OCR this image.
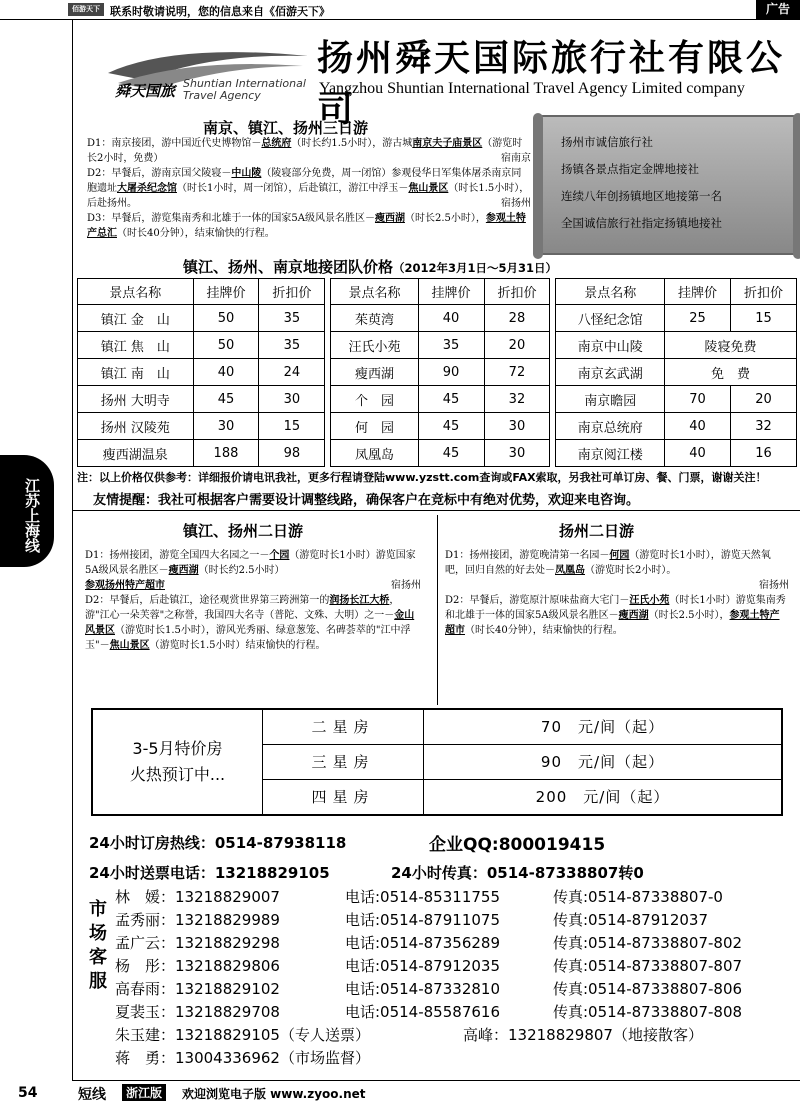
佰游天下 联系时敬请说明，您的信息来自《佰游天下》	广告
江苏上海线
舜天国旅 Shuntian International
Travel Agency
扬州舜天国际旅行社有限公司
Yangzhou Shuntian International Travel Agency Limited company
南京、镇江、扬州三日游

D1：南京接团，游中国近代史博物馆－总统府（时长约1.5小时），游古城南京夫子庙景区（游览时长2小时，免费）	宿南京

D2：早餐后，游南京国父陵寝－中山陵（陵寝部分免费，周一闭馆）参观侵华日军集体屠杀南京同胞遗址大屠杀纪念馆（时长1小时，周一闭馆），后赴镇江，游江中浮玉－焦山景区（时长1.5小时），后赴扬州。	宿扬州

D3：早餐后，游览集南秀和北雄于一体的国家5A级风景名胜区－瘦西湖（时长2.5小时），参观土特产总汇（时长40分钟），结束愉快的行程。

扬州市诚信旅行社
扬镇各景点指定金牌地接社
连续八年创扬镇地区地接第一名
全国诚信旅行社指定扬镇地接社
镇江、扬州、南京地接团队价格（2012年3月1日～5月31日）
景点名称	挂牌价	折扣价		景点名称	挂牌价	折扣价		景点名称	挂牌价	折扣价
镇江 金　山	50	35		茱萸湾	40	28		八怪纪念馆	25	15
镇江 焦　山	50	35		汪氏小苑	35	20		南京中山陵	陵寝免费	
镇江 南　山	40	24		瘦西湖	90	72		南京玄武湖	免　费	
扬州 大明寺	45	30		个　园	45	32		南京瞻园	70	20
扬州 汉陵苑	30	15		何　园	45	30		南京总统府	40	32
瘦西湖温泉	188	98		凤凰岛	45	30		南京阅江楼	40	16
注：以上价格仅供参考：详细报价请电讯我社，更多行程请登陆www.yzstt.com查询或FAX索取，另我社可单订房、餐、门票，谢谢关注！
友情提醒：我社可根据客户需要设计调整线路，确保客户在竞标中有绝对优势，欢迎来电咨询。
镇江、扬州二日游

D1：扬州接团，游览全国四大名园之一－个园（游览时长1小时）游览国家5A级风景名胜区－瘦西湖（时长约2.5小时）

参观扬州特产超市	宿扬州

D2：早餐后，后赴镇江，途径观赏世界第三跨洲第一的润扬长江大桥，游"江心一朵芙蓉"之称誉，我国四大名寺（普陀、文殊、大明）之一－金山风景区（游览时长1.5小时），游风光秀丽、绿意葱笼、名碑荟萃的"江中浮玉"－焦山景区（游览时长1.5小时）结束愉快的行程。

扬州二日游

D1：扬州接团，游览晚清第一名园－何园（游览时长1小时），游览天然氧吧，回归自然的好去处－凤凰岛（游览时长2小时）。

宿扬州

D2：早餐后，游览原汁原味盐商大宅门－汪氏小苑（时长1小时）游览集南秀和北雄于一体的国家5A级风景名胜区－瘦西湖（时长2.5小时），参观土特产超市（时长40分钟），结束愉快的行程。

3-5月特价房
火热预订中...
二星房	70　元/间（起）
三星房	90　元/间（起）
四星房	200　元/间（起）
24小时订房热线：0514-87938118	企业QQ:800019415
24小时送票电话：13218829105	24小时传真：0514-87338807转0
市场客服
林　媛：13218829007	电话:0514-85311755	传真:0514-87338807-0
孟秀丽：13218829989	电话:0514-87911075	传真:0514-87912037
孟广云：13218829298	电话:0514-87356289	传真:0514-87338807-802
杨　彤：13218829806	电话:0514-87912035	传真:0514-87338807-807
高春雨：13218829102	电话:0514-87332810	传真:0514-87338807-806
夏裴玉：13218829708	电话:0514-85587616	传真:0514-87338807-808
朱玉建：13218829105（专人送票）	高峰：13218829807（地接散客）
蒋　勇：13004336962（市场监督）
54	短线	浙江版	欢迎浏览电子版 www.zyoo.net
